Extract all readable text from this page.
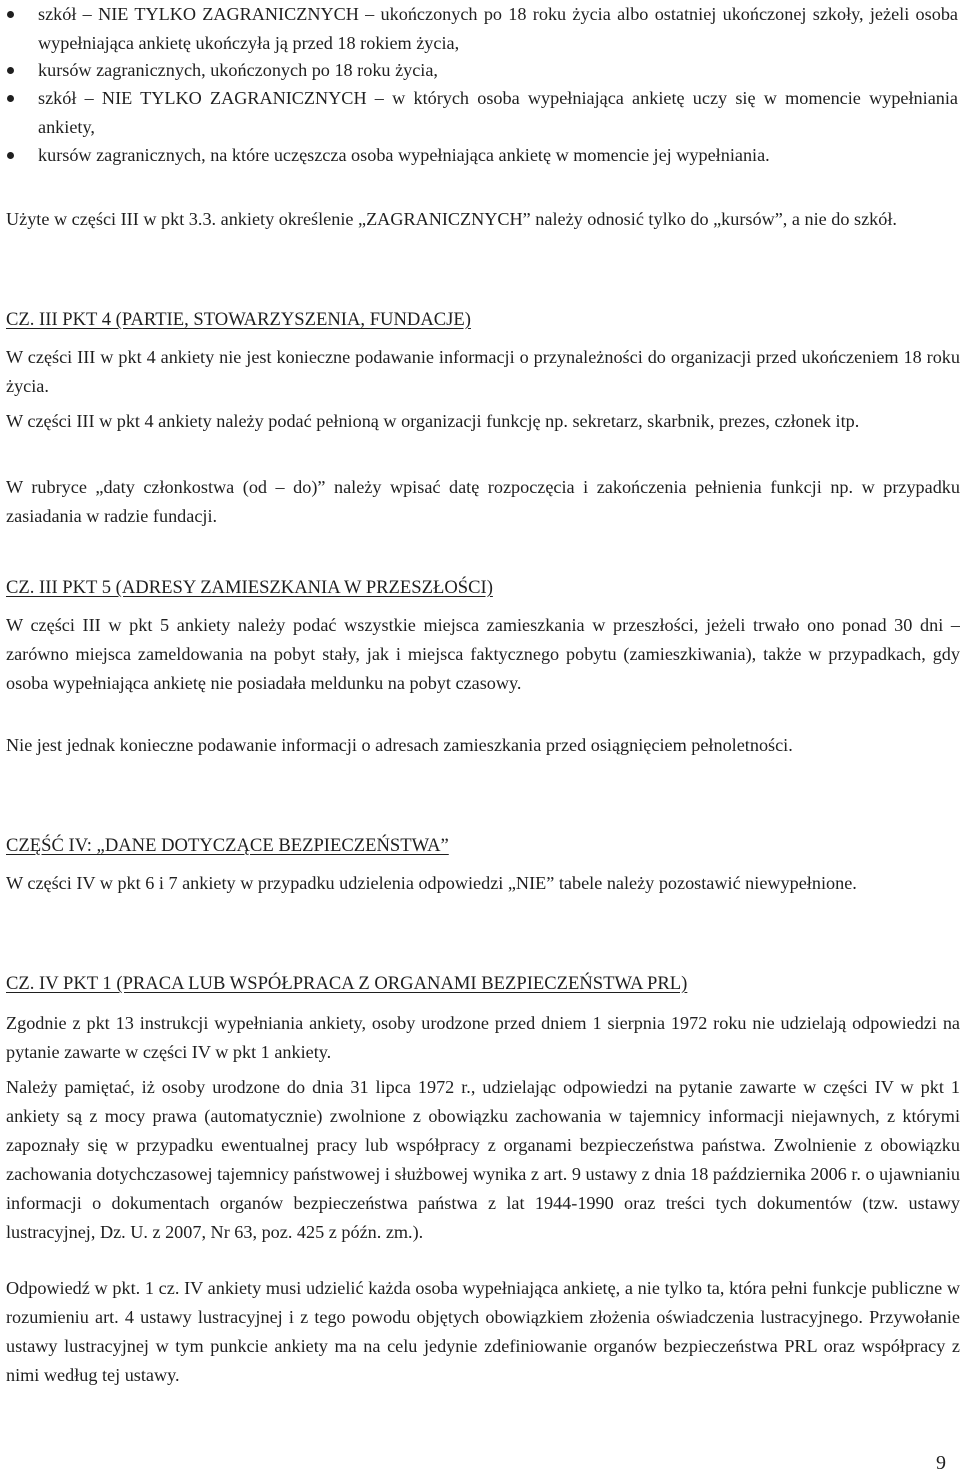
szkół – NIE TYLKO ZAGRANICZNYCH – ukończonych po 18 roku życia albo ostatniej ukończonej szkoły, jeżeli osoba wypełniająca ankietę ukończyła ją przed 18 rokiem życia,
kursów zagranicznych, ukończonych po 18 roku życia,
szkół – NIE TYLKO ZAGRANICZNYCH – w których osoba wypełniająca ankietę uczy się w momencie wypełniania ankiety,
kursów zagranicznych, na które uczęszcza osoba wypełniająca ankietę w momencie jej wypełniania.

Użyte w części III w pkt 3.3. ankiety określenie „ZAGRANICZNYCH” należy odnosić tylko do „kursów”, a nie do szkół.

CZ. III PKT 4 (PARTIE, STOWARZYSZENIA, FUNDACJE)

W części III w pkt 4 ankiety nie jest konieczne podawanie informacji o przynależności do organizacji przed ukończeniem 18 roku życia.

W części III w pkt 4 ankiety należy podać pełnioną w organizacji funkcję np. sekretarz, skarbnik, prezes, członek itp.

W rubryce „daty członkostwa (od – do)” należy wpisać datę rozpoczęcia i zakończenia pełnienia funkcji np. w przypadku zasiadania w radzie fundacji.

CZ. III PKT 5 (ADRESY ZAMIESZKANIA W PRZESZŁOŚCI)

W części III w pkt 5 ankiety należy podać wszystkie miejsca zamieszkania w przeszłości, jeżeli trwało ono ponad 30 dni – zarówno miejsca zameldowania na pobyt stały, jak i miejsca faktycznego pobytu (zamieszkiwania), także w przypadkach, gdy osoba wypełniająca ankietę nie posiadała meldunku na pobyt czasowy.

Nie jest jednak konieczne podawanie informacji o adresach zamieszkania przed osiągnięciem pełnoletności.

CZĘŚĆ IV: „DANE DOTYCZĄCE BEZPIECZEŃSTWA”

W części IV w pkt 6 i 7 ankiety w przypadku udzielenia odpowiedzi „NIE” tabele należy pozostawić niewypełnione.

CZ. IV PKT 1 (PRACA LUB WSPÓŁPRACA Z ORGANAMI BEZPIECZEŃSTWA PRL)

Zgodnie z pkt 13 instrukcji wypełniania ankiety, osoby urodzone przed dniem 1 sierpnia 1972 roku nie udzielają odpowiedzi na pytanie zawarte w części IV w pkt 1 ankiety.

Należy pamiętać, iż osoby urodzone do dnia 31 lipca 1972 r., udzielając odpowiedzi na pytanie zawarte w części IV w pkt 1 ankiety są z mocy prawa (automatycznie) zwolnione z obowiązku zachowania w tajemnicy informacji niejawnych, z którymi zapoznały się w przypadku ewentualnej pracy lub współpracy z organami bezpieczeństwa państwa. Zwolnienie z obowiązku zachowania dotychczasowej tajemnicy państwowej i służbowej wynika z art. 9 ustawy z dnia 18 października 2006 r. o ujawnianiu informacji o dokumentach organów bezpieczeństwa państwa z lat 1944-1990 oraz treści tych dokumentów (tzw. ustawy lustracyjnej, Dz. U. z 2007, Nr 63, poz. 425 z późn. zm.).

Odpowiedź w pkt. 1 cz. IV ankiety musi udzielić każda osoba wypełniająca ankietę, a nie tylko ta, która pełni funkcje publiczne w rozumieniu art. 4 ustawy lustracyjnej i z tego powodu objętych obowiązkiem złożenia oświadczenia lustracyjnego. Przywołanie ustawy lustracyjnej w tym punkcie ankiety ma na celu jedynie zdefiniowanie organów bezpieczeństwa PRL oraz współpracy z nimi według tej ustawy.

9
